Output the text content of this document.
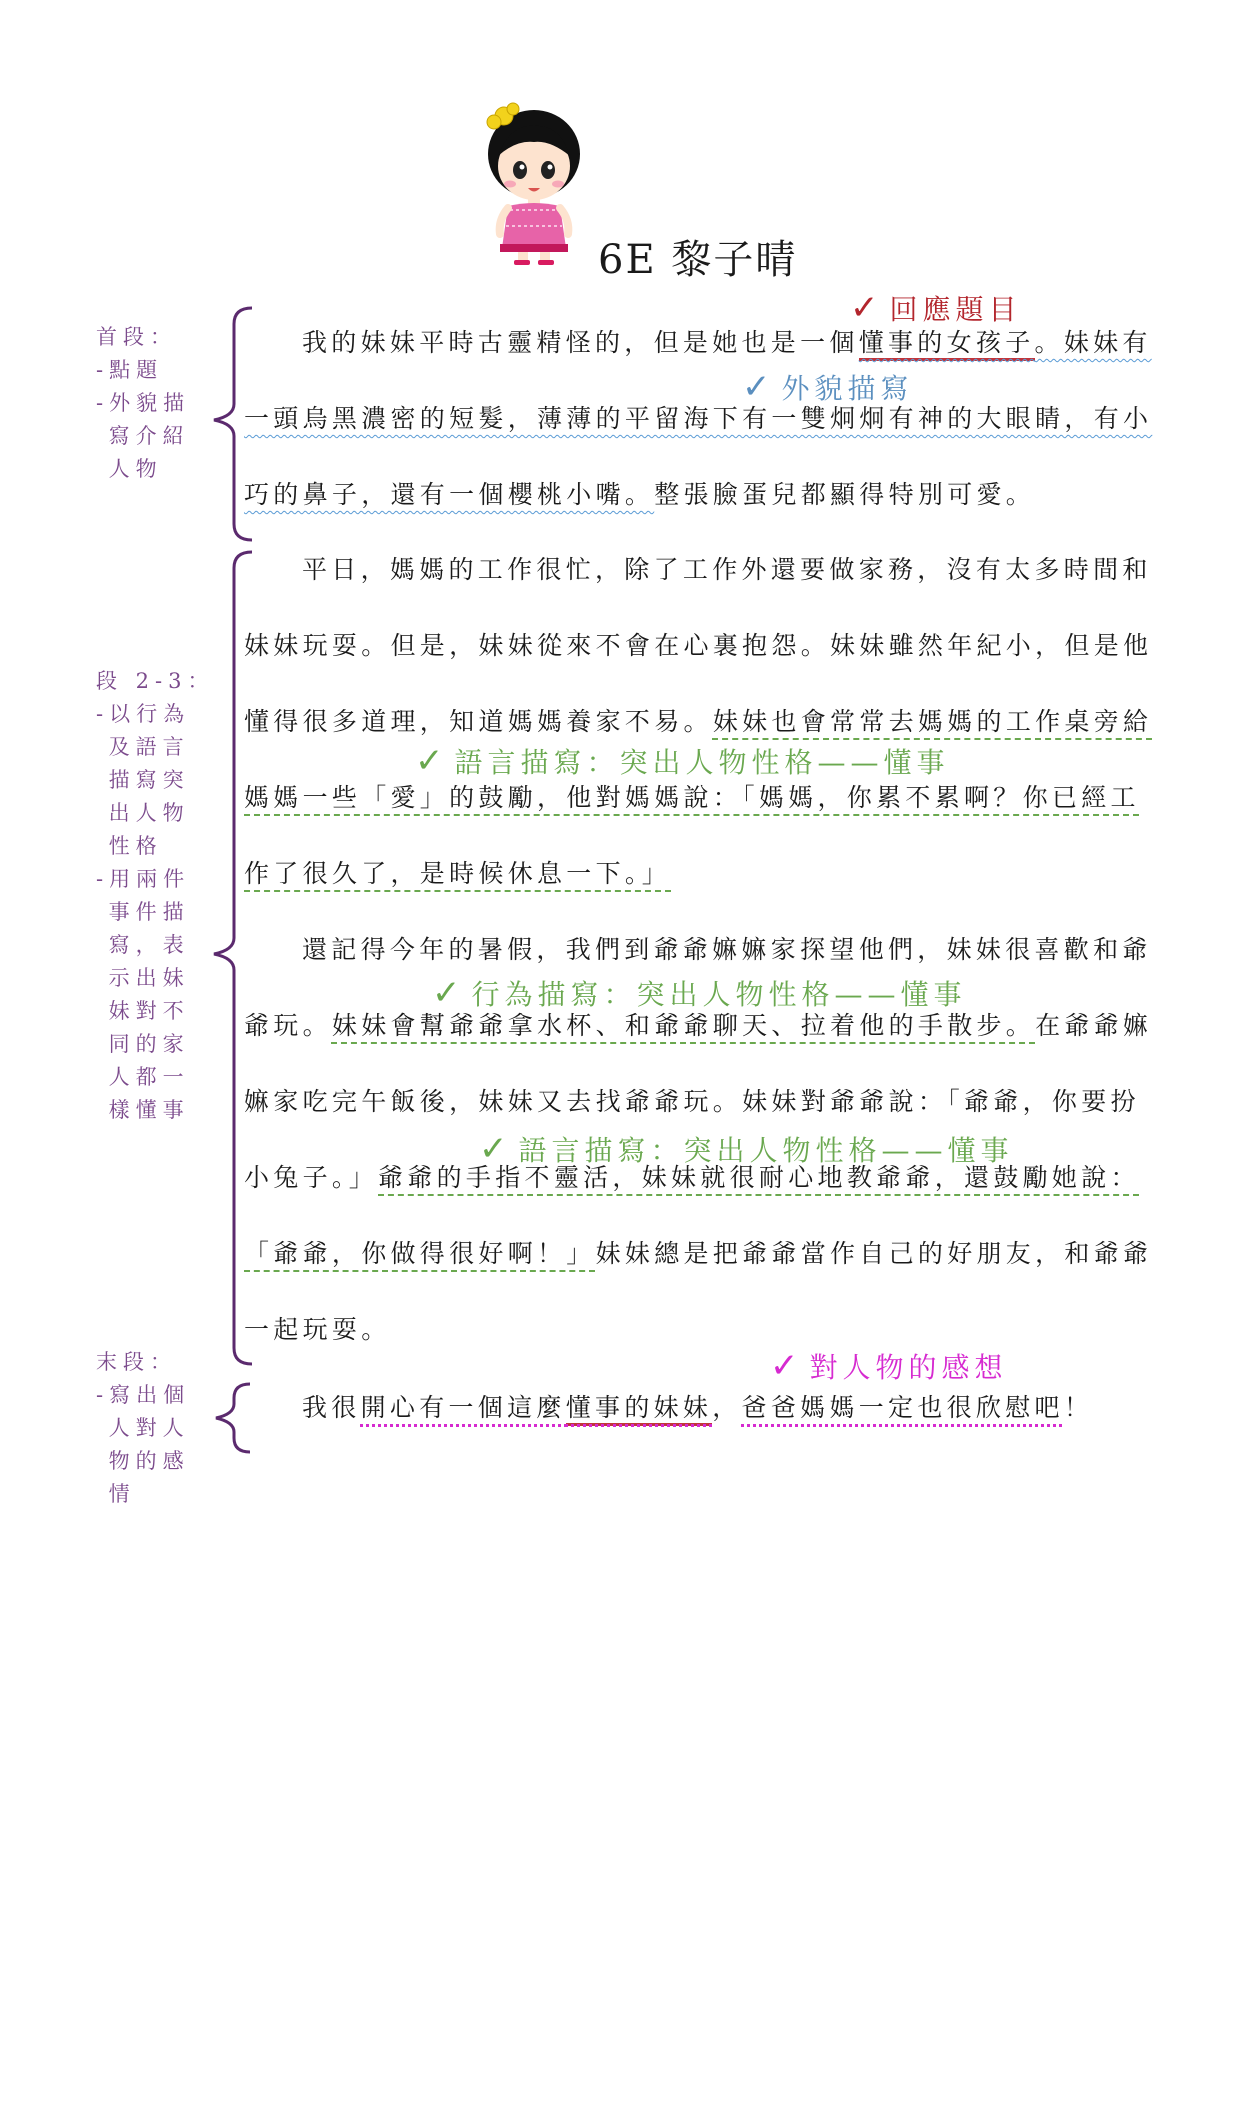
6E 黎子晴
首段：
-點題
-外貌描
寫介紹
人物
段 2-3：
-以行為
及語言
描寫突
出人物
性格
-用兩件
事件描
寫，表
示出妹
妹對不
同的家
人都一
樣懂事
末段：
-寫出個
人對人
物的感
情
✓ 回應題目
✓ 外貌描寫
✓ 語言描寫：突出人物性格——懂事
✓ 行為描寫：突出人物性格——懂事
✓ 語言描寫：突出人物性格——懂事
✓ 對人物的感想
我的妹妹平時古靈精怪的，但是她也是一個懂事的女孩子。妹妹有
一頭烏黑濃密的短髮，薄薄的平留海下有一雙炯炯有神的大眼睛，有小
巧的鼻子，還有一個櫻桃小嘴。整張臉蛋兒都顯得特別可愛。
平日，媽媽的工作很忙，除了工作外還要做家務，沒有太多時間和
妹妹玩耍。但是，妹妹從來不會在心裏抱怨。妹妹雖然年紀小，但是他
懂得很多道理，知道媽媽養家不易。妹妹也會常常去媽媽的工作桌旁給
媽媽一些「愛」的鼓勵，他對媽媽說：「媽媽，你累不累啊？你已經工
作了很久了，是時候休息一下。」
還記得今年的暑假，我們到爺爺嫲嫲家探望他們，妹妹很喜歡和爺
爺玩。妹妹會幫爺爺拿水杯、和爺爺聊天、拉着他的手散步。在爺爺嫲
嫲家吃完午飯後，妹妹又去找爺爺玩。妹妹對爺爺說：「爺爺，你要扮
小兔子。」爺爺的手指不靈活，妹妹就很耐心地教爺爺，還鼓勵她說：
「爺爺，你做得很好啊！」妹妹總是把爺爺當作自己的好朋友，和爺爺
一起玩耍。
我很開心有一個這麼懂事的妹妹，爸爸媽媽一定也很欣慰吧！
